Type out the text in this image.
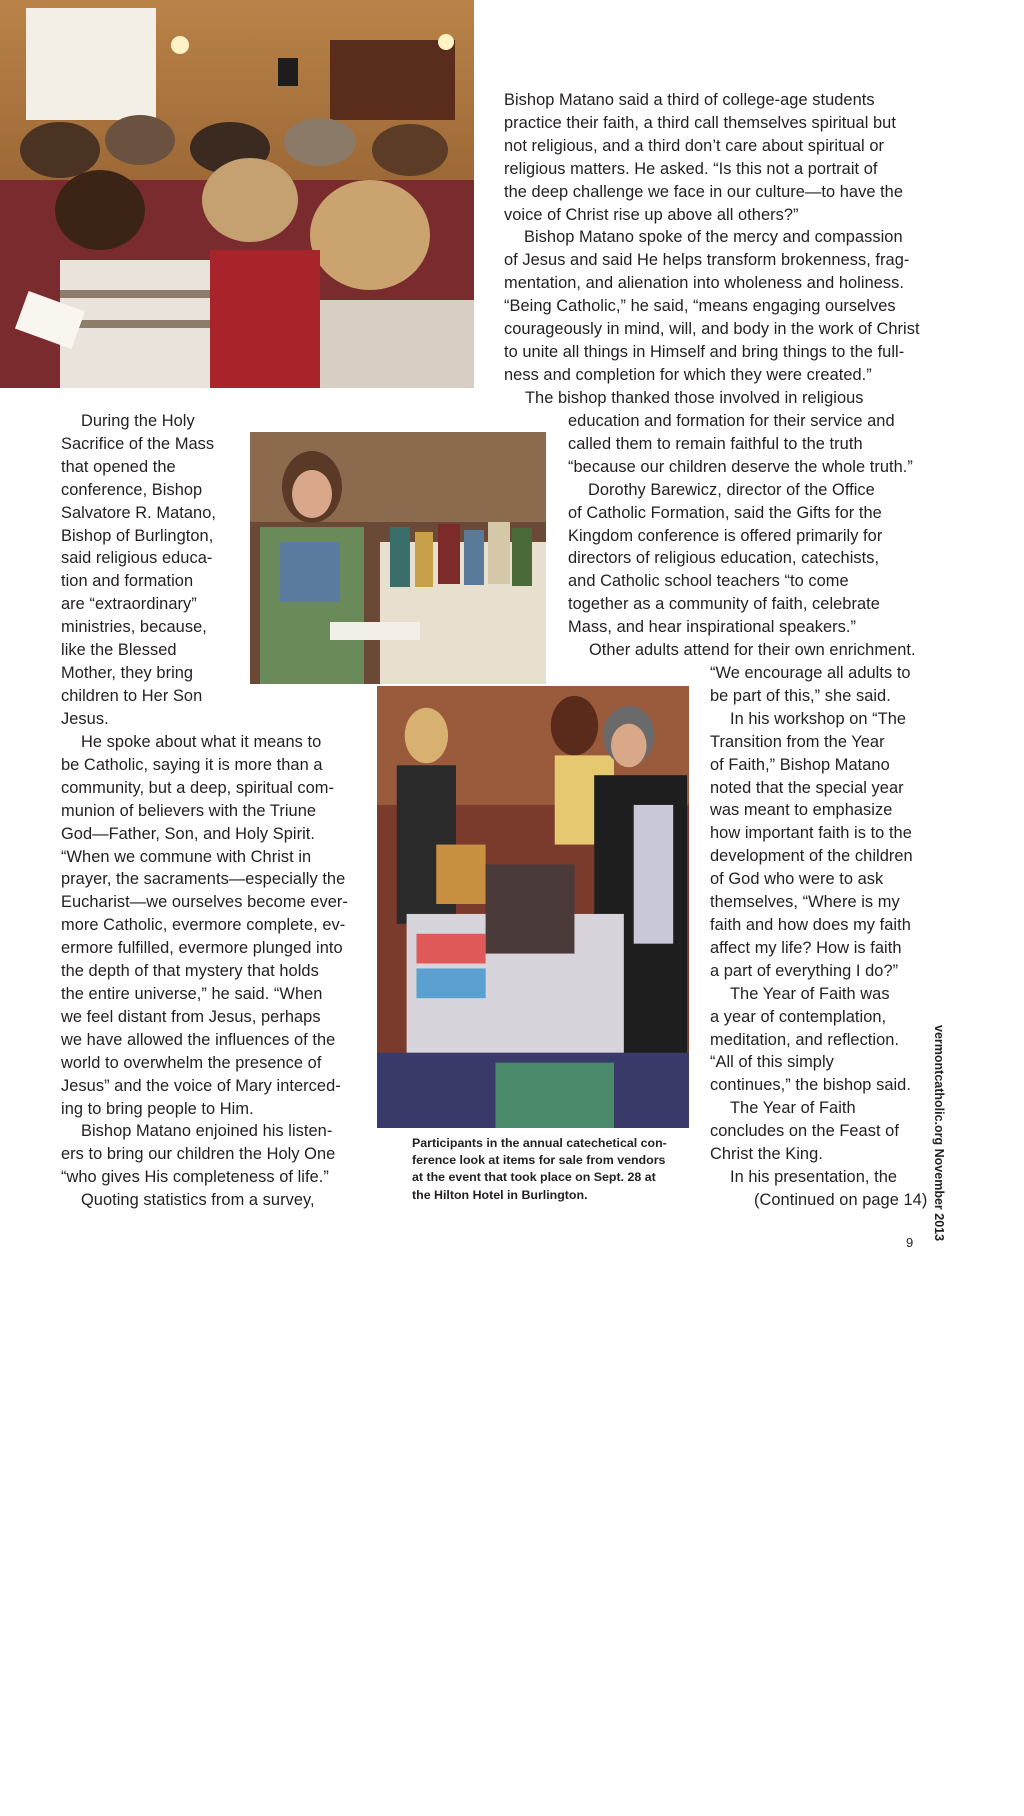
(Photos by Cori Fugere Urban)

Bishop Matano said a third of college-age students

practice their faith, a third call themselves spiritual but

not religious, and a third don’t care about spiritual or

religious matters. He asked. “Is this not a portrait of

the deep challenge we face in our culture—to have the

voice of Christ rise up above all others?”

Bishop Matano spoke of the mercy and compassion

of Jesus and said He helps transform brokenness, frag-

mentation, and alienation into wholeness and holiness.

“Being Catholic,” he said, “means engaging ourselves

courageously in mind, will, and body in the work of Christ

to unite all things in Himself and bring things to the full-

ness and completion for which they were created.”

The bishop thanked those involved in religious

education and formation for their service and

called them to remain faithful to the truth

“because our children deserve the whole truth.”

Dorothy Barewicz, director of the Office

of Catholic Formation, said the Gifts for the

Kingdom conference is offered primarily for

directors of religious education, catechists,

and Catholic school teachers “to come

together as a community of faith, celebrate

Mass, and hear inspirational speakers.”

Other adults attend for their own enrichment.

“We encourage all adults to

be part of this,” she said.

In his workshop on “The

Transition from the Year

of Faith,” Bishop Matano

noted that the special year

was meant to emphasize

how important faith is to the

development of the children

of God who were to ask

themselves, “Where is my

faith and how does my faith

affect my life? How is faith

a part of everything I do?”

The Year of Faith was

a year of contemplation,

meditation, and reflection.

“All of this simply

continues,” the bishop said.

The Year of Faith

concludes on the Feast of

Christ the King.

In his presentation, the

(Continued on page 14)

During the Holy

Sacrifice of the Mass

that opened the

conference, Bishop

Salvatore R. Matano,

Bishop of Burlington,

said religious educa-

tion and formation

are “extraordinary”

ministries, because,

like the Blessed

Mother, they bring

children to Her Son

Jesus.

He spoke about what it means to

be Catholic, saying it is more than a

community, but a deep, spiritual com-

munion of believers with the Triune

God—Father, Son, and Holy Spirit.

“When we commune with Christ in

prayer, the sacraments—especially the

Eucharist—we ourselves become ever-

more Catholic, evermore complete, ev-

ermore fulfilled, evermore plunged into

the depth of that mystery that holds

the entire universe,” he said. “When

we feel distant from Jesus, perhaps

we have allowed the influences of the

world to overwhelm the presence of

Jesus” and the voice of Mary interced-

ing to bring people to Him.

Bishop Matano enjoined his listen-

ers to bring our children the Holy One

“who gives His completeness of life.”

Quoting statistics from a survey,

Participants in the annual catechetical con-

ference look at items for sale from vendors

at the event that took place on Sept. 28 at

the Hilton Hotel in Burlington.	vermontcatholic.org November 2013
9
